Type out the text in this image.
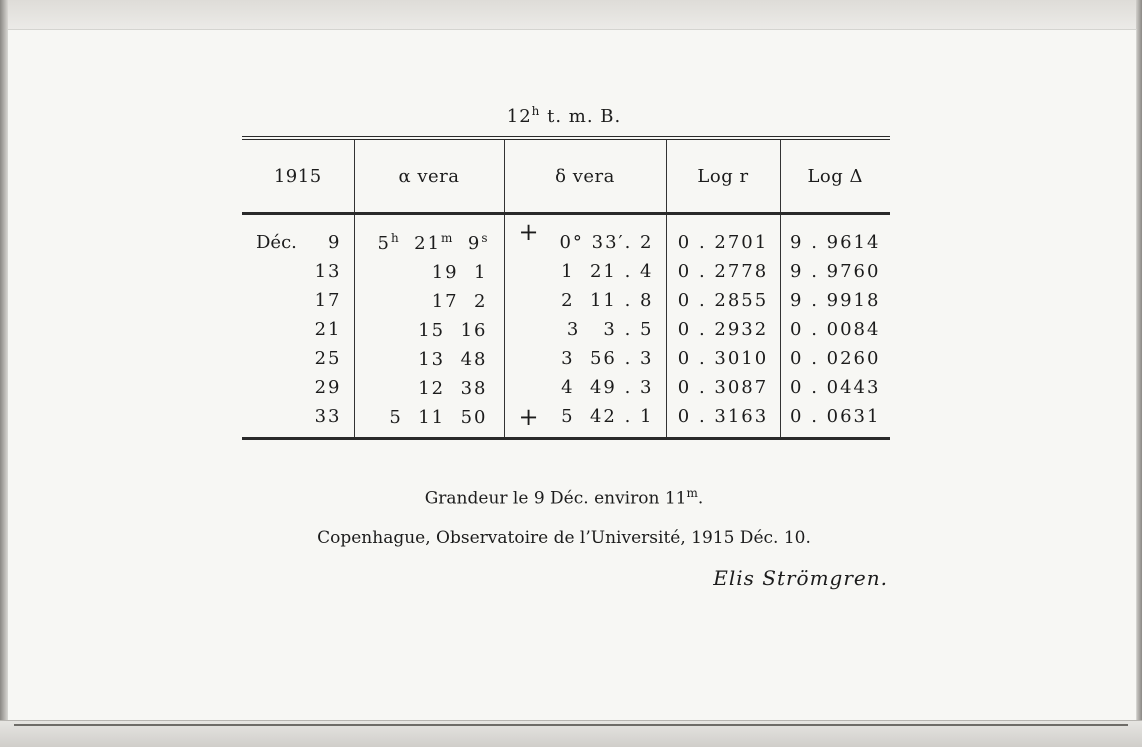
12$^h$ t. m. B.
1915	α vera	δ vera	Log r	Log Δ

Déc. 9	5$^h$ 21$^m$ $9^s$	+ 0° 33′. 2	0 . 2701	9 . 9614
13	19 1	1  21 . 4	0 . 2778	9 . 9760
17	17 2	2  11 . 8	0 . 2855	9 . 9918
21	15 16	3   3 . 5	0 . 2932	0 . 0084
25	13 48	3  56 . 3	0 . 3010	0 . 0260
29	12 38	4  49 . 3	0 . 3087	0 . 0443
33	5 11 50	+ 5  42 . 1	0 . 3163	0 . 0631
Grandeur le 9 Déc. environ 11$^m$.
Copenhague, Observatoire de l’Université, 1915 Déc. 10.
Elis Strömgren.
